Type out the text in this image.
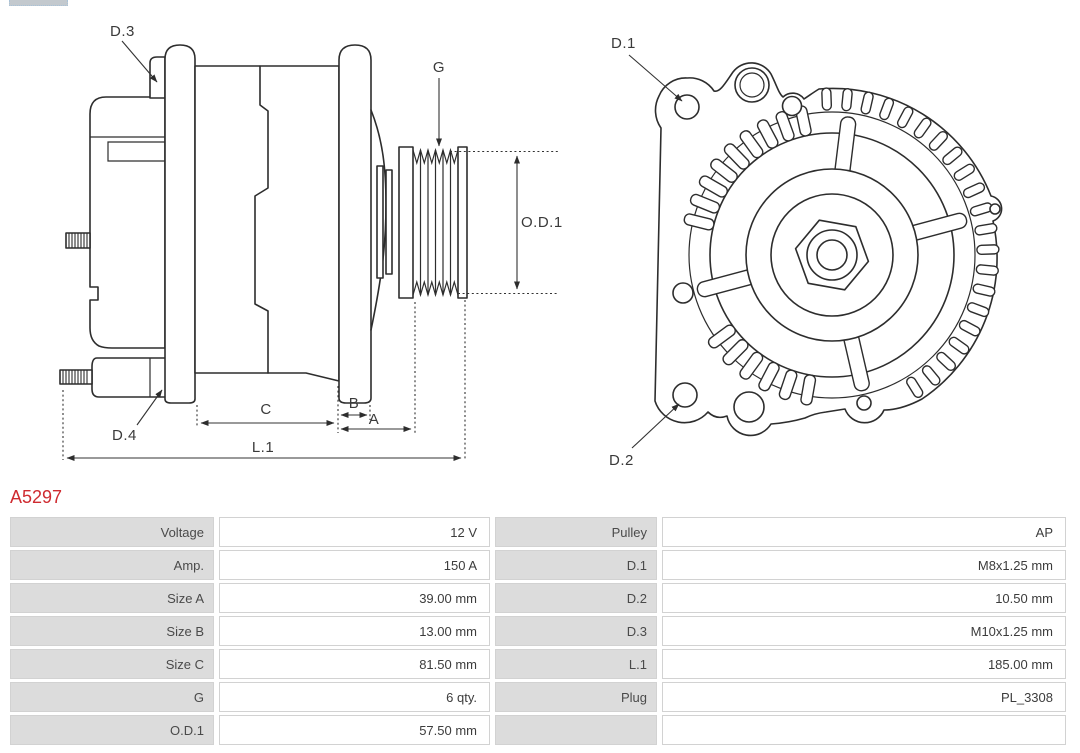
D.3
D.4
G
O.D.1
C	B
A
L.1
D.1
D.2
A5297
Voltage	12 V	Pulley	AP
Amp.	150 A	D.1	M8x1.25 mm
Size A	39.00 mm	D.2	10.50 mm
Size B	13.00 mm	D.3	M10x1.25 mm
Size C	81.50 mm	L.1	185.00 mm
G	6 qty.	Plug	PL_3308
O.D.1	57.50 mm
